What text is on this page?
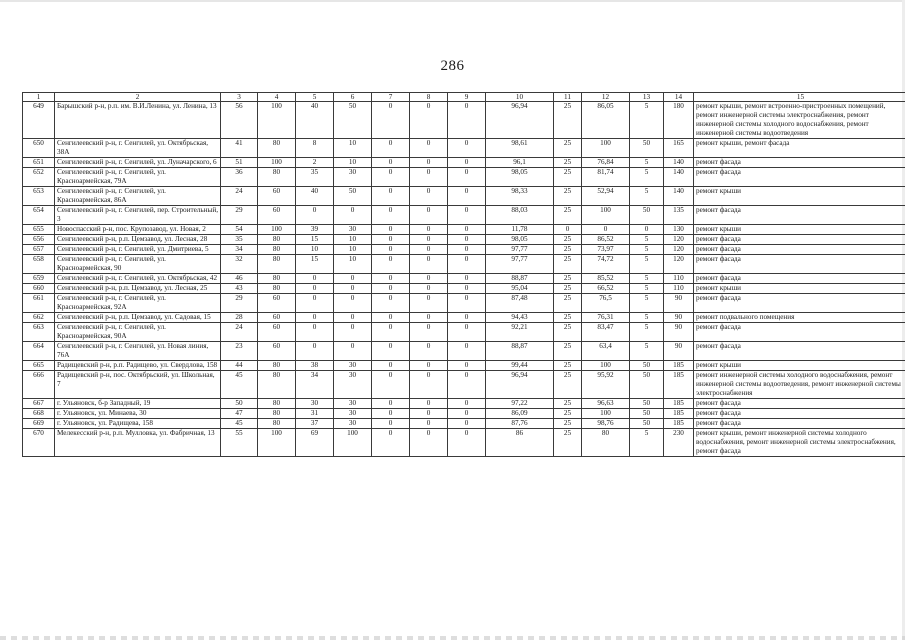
286
1	2	3	4	5	6	7	8	9	10	11	12	13	14	15
649	Барышский р-н, р.п. им. В.И.Ленина, ул. Ленина, 13	56	100	40	50	0	0	0	96,94	25	86,05	5	180	ремонт крыши, ремонт встроенно-пристроенных помещений, ремонт инженерной системы электроснабжения, ремонт инженерной системы холодного водоснабжения, ремонт инженерной системы водоотведения
650	Сенгилеевский р-н, г. Сенгилей, ул. Октябрьская, 38А	41	80	8	10	0	0	0	98,61	25	100	50	165	ремонт крыши, ремонт фасада
651	Сенгилеевский р-н, г. Сенгилей, ул. Луначарского, 6	51	100	2	10	0	0	0	96,1	25	76,84	5	140	ремонт фасада
652	Сенгилеевский р-н, г. Сенгилей, ул. Красноармейская, 79А	36	80	35	30	0	0	0	98,05	25	81,74	5	140	ремонт фасада
653	Сенгилеевский р-н, г. Сенгилей, ул. Красноармейская, 86А	24	60	40	50	0	0	0	98,33	25	52,94	5	140	ремонт крыши
654	Сенгилеевский р-н, г. Сенгилей, пер. Строительный, 3	29	60	0	0	0	0	0	88,03	25	100	50	135	ремонт фасада
655	Новоспасский р-н, пос. Крупозавод, ул. Новая, 2	54	100	39	30	0	0	0	11,78	0	0	0	130	ремонт крыши
656	Сенгилеевский р-н, р.п. Цемзавод, ул. Лесная, 28	35	80	15	10	0	0	0	98,05	25	86,52	5	120	ремонт фасада
657	Сенгилеевский р-н, г. Сенгилей, ул. Дмитриева, 5	34	80	10	10	0	0	0	97,77	25	73,97	5	120	ремонт фасада
658	Сенгилеевский р-н, г. Сенгилей, ул. Красноармейская, 90	32	80	15	10	0	0	0	97,77	25	74,72	5	120	ремонт фасада
659	Сенгилеевский р-н, г. Сенгилей, ул. Октябрьская, 42	46	80	0	0	0	0	0	88,87	25	85,52	5	110	ремонт фасада
660	Сенгилеевский р-н, р.п. Цемзавод, ул. Лесная, 25	43	80	0	0	0	0	0	95,04	25	66,52	5	110	ремонт крыши
661	Сенгилеевский р-н, г. Сенгилей, ул. Красноармейская, 92А	29	60	0	0	0	0	0	87,48	25	76,5	5	90	ремонт фасада
662	Сенгилеевский р-н, р.п. Цемзавод, ул. Садовая, 15	28	60	0	0	0	0	0	94,43	25	76,31	5	90	ремонт подвального помещения
663	Сенгилеевский р-н, г. Сенгилей, ул. Красноармейская, 90А	24	60	0	0	0	0	0	92,21	25	83,47	5	90	ремонт фасада
664	Сенгилеевский р-н, г. Сенгилей, ул. Новая линия, 76А	23	60	0	0	0	0	0	88,87	25	63,4	5	90	ремонт фасада
665	Радищевский р-н, р.п. Радищево, ул. Свердлова, 158	44	80	38	30	0	0	0	99,44	25	100	50	185	ремонт крыши
666	Радищевский р-н, пос. Октябрьский, ул. Школьная, 7	45	80	34	30	0	0	0	96,94	25	95,92	50	185	ремонт инженерной системы холодного водоснабжения, ремонт инженерной системы водоотведения, ремонт инженерной системы электроснабжения
667	г. Ульяновск, б-р Западный, 19	50	80	30	30	0	0	0	97,22	25	96,63	50	185	ремонт фасада
668	г. Ульяновск, ул. Минаева, 30	47	80	31	30	0	0	0	86,09	25	100	50	185	ремонт фасада
669	г. Ульяновск, ул. Радищева, 158	45	80	37	30	0	0	0	87,76	25	98,76	50	185	ремонт фасада
670	Мелекесский р-н, р.п. Мулловка, ул. Фабричная, 13	55	100	69	100	0	0	0	86	25	80	5	230	ремонт крыши, ремонт инженерной системы холодного водоснабжения, ремонт инженерной системы электроснабжения, ремонт фасада
